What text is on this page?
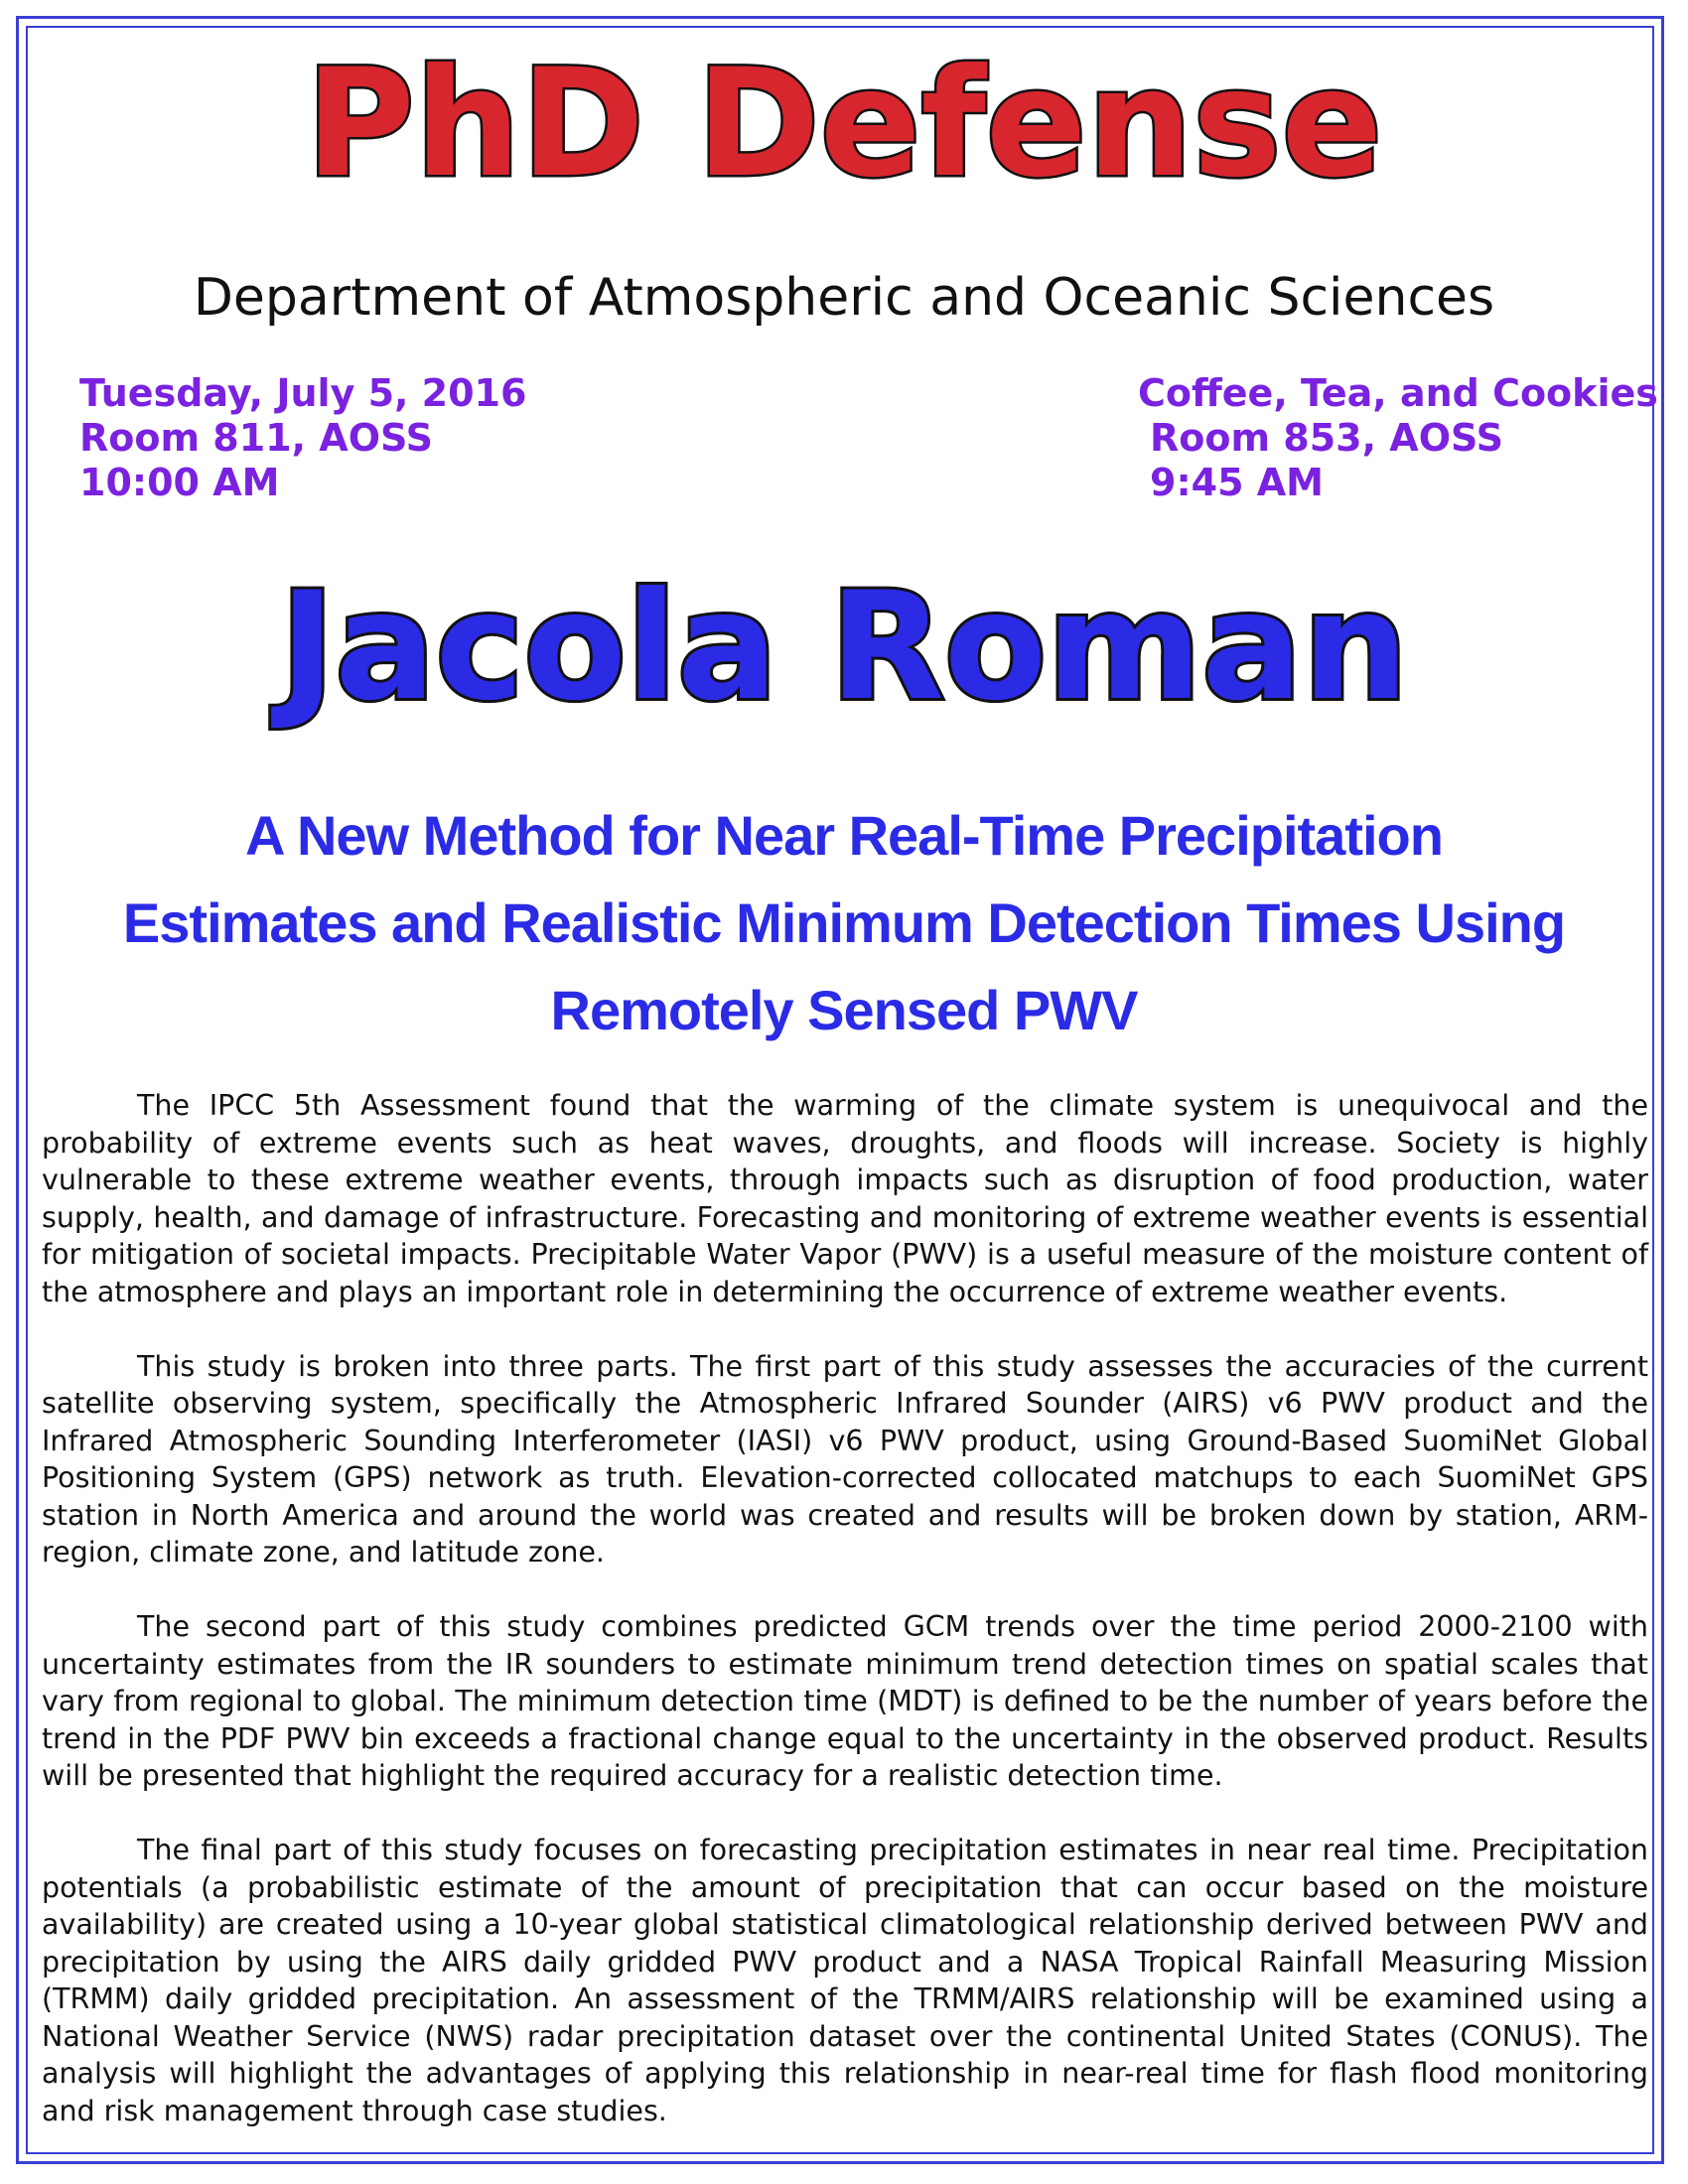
PhD Defense
Department of Atmospheric and Oceanic Sciences
Tuesday, July 5, 2016
Room 811, AOSS
10:00 AM
Coffee, Tea, and Cookies
Room 853, AOSS
9:45 AM
Jacola Roman
A New Method for Near Real-Time Precipitation
Estimates and Realistic Minimum Detection Times Using
Remotely Sensed PWV

The IPCC 5th Assessment found that the warming of the climate system is unequivocal and the probability of extreme events such as heat waves, droughts, and floods will increase. Society is highly vulnerable to these extreme weather events, through impacts such as disruption of food production, water supply, health, and damage of infrastructure. Forecasting and monitoring of extreme weather events is essential for mitigation of societal impacts. Precipitable Water Vapor (PWV) is a useful measure of the moisture content of the atmosphere and plays an important role in determining the occurrence of extreme weather events.

This study is broken into three parts. The first part of this study assesses the accuracies of the current satellite observing system, specifically the Atmospheric Infrared Sounder (AIRS) v6 PWV product and the Infrared Atmospheric Sounding Interferometer (IASI) v6 PWV product, using Ground-Based SuomiNet Global Positioning System (GPS) network as truth. Elevation-corrected collocated matchups to each SuomiNet GPS station in North America and around the world was created and results will be broken down by station, ARM-region, climate zone, and latitude zone.

The second part of this study combines predicted GCM trends over the time period 2000-2100 with uncertainty estimates from the IR sounders to estimate minimum trend detection times on spatial scales that vary from regional to global. The minimum detection time (MDT) is defined to be the number of years before the trend in the PDF PWV bin exceeds a fractional change equal to the uncertainty in the observed product. Results will be presented that highlight the required accuracy for a realistic detection time.

The final part of this study focuses on forecasting precipitation estimates in near real time. Precipitation potentials (a probabilistic estimate of the amount of precipitation that can occur based on the moisture availability) are created using a 10-year global statistical climatological relationship derived between PWV and precipitation by using the AIRS daily gridded PWV product and a NASA Tropical Rainfall Measuring Mission (TRMM) daily gridded precipitation. An assessment of the TRMM/AIRS relationship will be examined using a National Weather Service (NWS) radar precipitation dataset over the continental United States (CONUS). The analysis will highlight the advantages of applying this relationship in near-real time for flash flood monitoring and risk management through case studies.
